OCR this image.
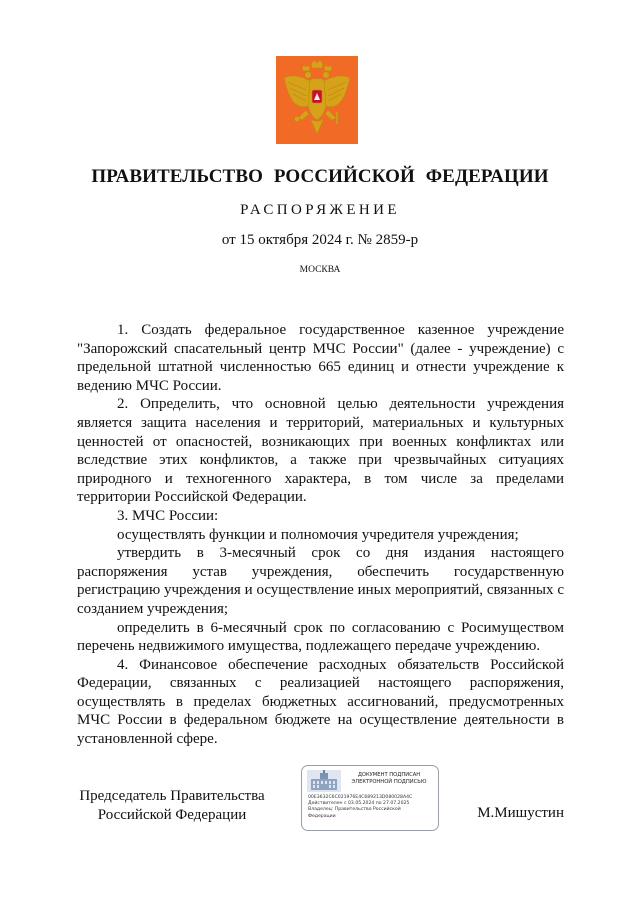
ПРАВИТЕЛЬСТВО РОССИЙСКОЙ ФЕДЕРАЦИИ
РАСПОРЯЖЕНИЕ
от 15 октября 2024 г. № 2859-р
МОСКВА

1. Создать федеральное государственное казенное учреждение "Запорожский спасательный центр МЧС России" (далее - учреждение) с предельной штатной численностью 665 единиц и отнести учреждение к ведению МЧС России.

2. Определить, что основной целью деятельности учреждения является защита населения и территорий, материальных и культурных ценностей от опасностей, возникающих при военных конфликтах или вследствие этих конфликтов, а также при чрезвычайных ситуациях природного и техногенного характера, в том числе за пределами территории Российской Федерации.

3. МЧС России:

осуществлять функции и полномочия учредителя учреждения;

утвердить в 3-месячный срок со дня издания настоящего распоряжения устав учреждения, обеспечить государственную регистрацию учреждения и осуществление иных мероприятий, связанных с созданием учреждения;

определить в 6-месячный срок по согласованию с Росимуществом перечень недвижимого имущества, подлежащего передаче учреждению.

4. Финансовое обеспечение расходных обязательств Российской Федерации, связанных с реализацией настоящего распоряжения, осуществлять в пределах бюджетных ассигнований, предусмотренных МЧС России в федеральном бюджете на осуществление деятельности в установленной сфере.

Председатель Правительства
Российской Федерации
ДОКУМЕНТ ПОДПИСАН
ЭЛЕКТРОННОЙ ПОДПИСЬЮ
00E3632C6C021976E4C689213D080028A4C
Действителен с 03.05.2024 по 27.07.2025
Владелец: Правительство Российской
Федерации	М.Мишустин
